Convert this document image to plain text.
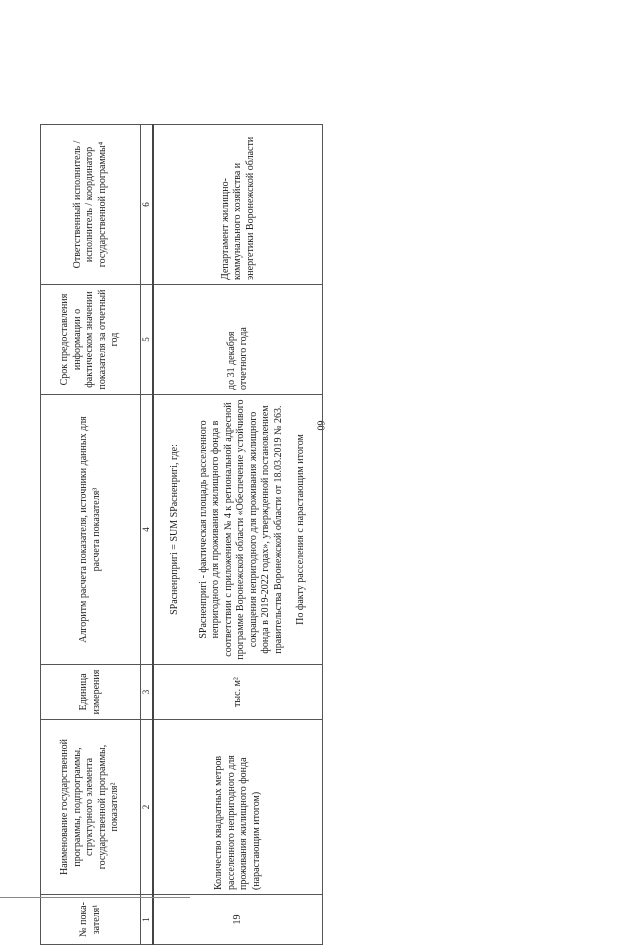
60
№ пока- зателя¹	Наименование государственной программы, подпрограммы, структурного элемента государственной программы, показателя²	Единица измерения	Алгоритм расчета показателя, источники данных для расчета показателя³	Срок предоставления информации о фактическом значении показателя за отчетный год	Ответственный исполнитель / исполнитель / координатор государственной программы⁴
1	2	3	4	5	6
19	Количество квадратных метров расселенного непригодного для проживания жилищного фонда (нарастающим итогом)	тыс. м²	SРасненрпригi = SUM SРасненригi, где: SРасненпригi - фактическая площадь расселенного непригодного для проживания жилищного фонда в соответствии с приложением № 4 к региональной адресной программе Воронежской области «Обеспечение устойчивого сокращения непригодного для проживания жилищного фонда в 2019-2022 годах», утвержденной постановлением правительства Воронежской области от 18.03.2019 № 263. По факту расселения с нарастающим итогом	до 31 декабря отчетного года	Департамент жилищно-коммунального хозяйства и энергетики Воронежской области
